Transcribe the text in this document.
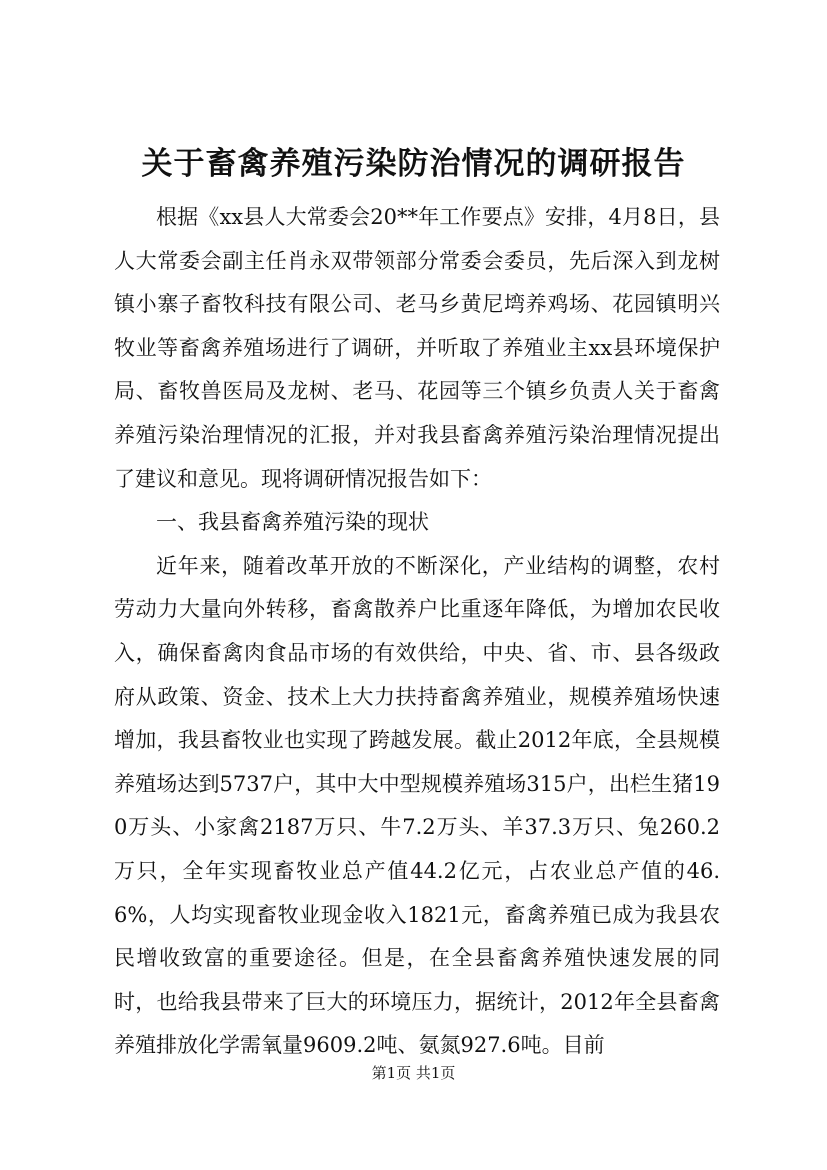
关于畜禽养殖污染防治情况的调研报告

根据《xx县人大常委会20**年工作要点》安排，4月8日，县人大常委会副主任肖永双带领部分常委会委员，先后深入到龙树镇小寨子畜牧科技有限公司、老马乡黄尼塆养鸡场、花园镇明兴牧业等畜禽养殖场进行了调研，并听取了养殖业主xx县环境保护局、畜牧兽医局及龙树、老马、花园等三个镇乡负责人关于畜禽养殖污染治理情况的汇报，并对我县畜禽养殖污染治理情况提出了建议和意见。现将调研情况报告如下：

一、我县畜禽养殖污染的现状

近年来，随着改革开放的不断深化，产业结构的调整，农村劳动力大量向外转移，畜禽散养户比重逐年降低，为增加农民收入，确保畜禽肉食品市场的有效供给，中央、省、市、县各级政府从政策、资金、技术上大力扶持畜禽养殖业，规模养殖场快速增加，我县畜牧业也实现了跨越发展。截止2012年底，全县规模养殖场达到5737户，其中大中型规模养殖场315户，出栏生猪190万头、小家禽2187万只、牛7.2万头、羊37.3万只、兔260.2万只，全年实现畜牧业总产值44.2亿元，占农业总产值的46.6%，人均实现畜牧业现金收入1821元，畜禽养殖已成为我县农民增收致富的重要途径。但是，在全县畜禽养殖快速发展的同时，也给我县带来了巨大的环境压力，据统计，2012年全县畜禽养殖排放化学需氧量9609.2吨、氨氮927.6吨。目前

第1页 共1页
